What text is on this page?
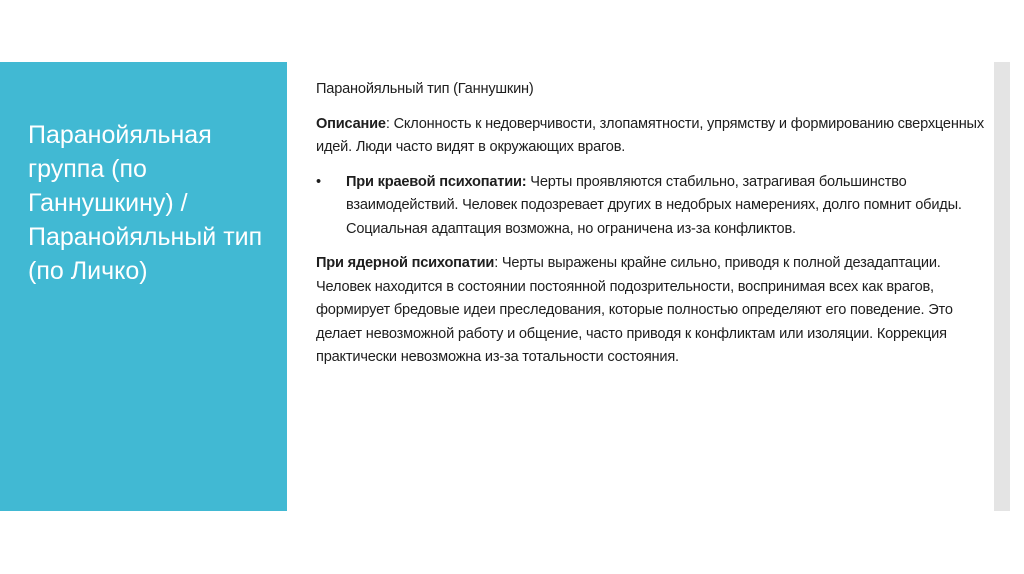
Паранойяльная группа (по Ганнушкину) / Паранойяльный тип (по Личко)

Паранойяльный тип (Ганнушкин)

Описание: Склонность к недоверчивости, злопамятности, упрямству и формированию сверхценных идей. Люди часто видят в окружающих врагов.

• При краевой психопатии: Черты проявляются стабильно, затрагивая большинство взаимодействий. Человек подозревает других в недобрых намерениях, долго помнит обиды. Социальная адаптация возможна, но ограничена из-за конфликтов.

При ядерной психопатии: Черты выражены крайне сильно, приводя к полной дезадаптации. Человек находится в состоянии постоянной подозрительности, воспринимая всех как врагов, формирует бредовые идеи преследования, которые полностью определяют его поведение. Это делает невозможной работу и общение, часто приводя к конфликтам или изоляции. Коррекция практически невозможна из-за тотальности состояния.
